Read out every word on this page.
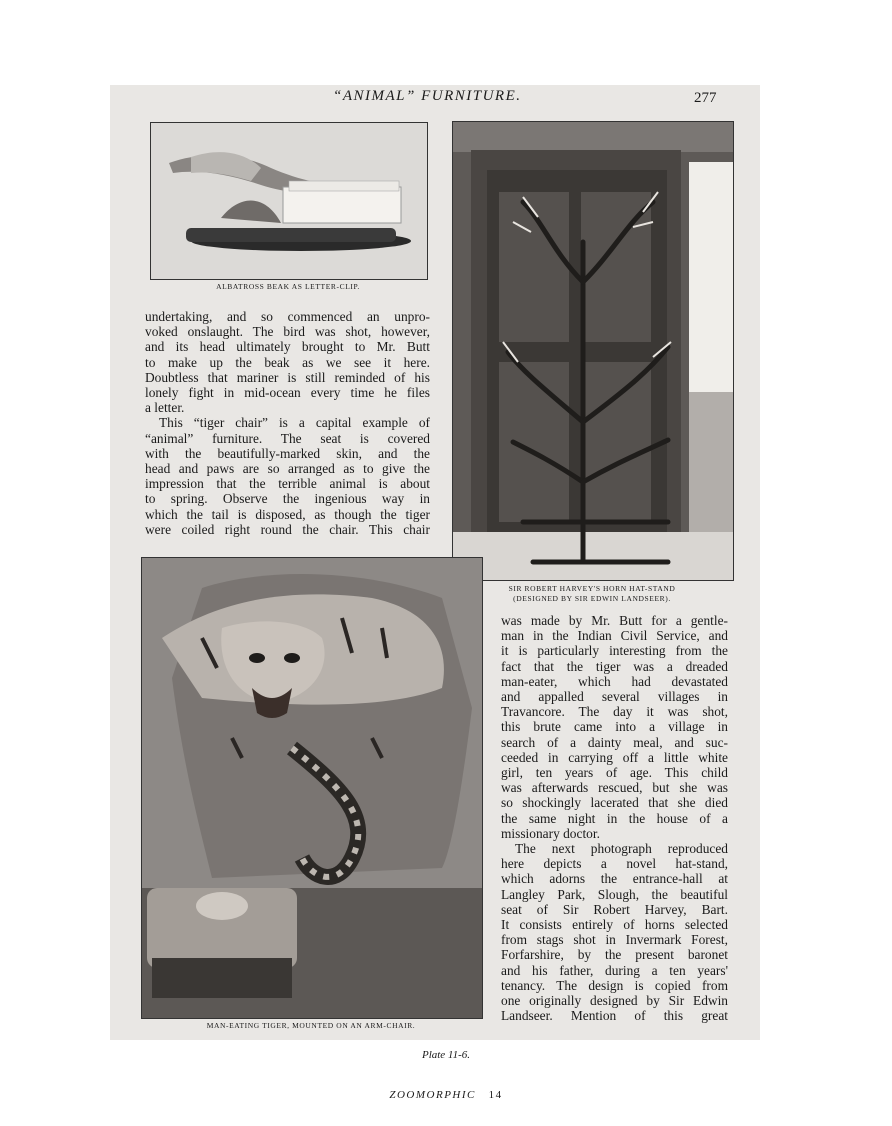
“ANIMAL” FURNITURE.	277
ALBATROSS BEAK AS LETTER-CLIP.
SIR ROBERT HARVEY'S HORN HAT-STAND
(DESIGNED BY SIR EDWIN LANDSEER).
MAN-EATING TIGER, MOUNTED ON AN ARM-CHAIR.
undertaking, and so commenced an unpro-
voked onslaught. The bird was shot, however,
and its head ultimately brought to Mr. Butt
to make up the beak as we see it here.
Doubtless that mariner is still reminded of his
lonely fight in mid-ocean every time he files
a letter.
This “tiger chair” is a capital example of
“animal” furniture. The seat is covered
with the beautifully-marked skin, and the
head and paws are so arranged as to give the
impression that the terrible animal is about
to spring. Observe the ingenious way in
which the tail is disposed, as though the tiger
were coiled right round the chair. This chair
was made by Mr. Butt for a gentle-
man in the Indian Civil Service, and
it is particularly interesting from the
fact that the tiger was a dreaded
man-eater, which had devastated
and appalled several villages in
Travancore. The day it was shot,
this brute came into a village in
search of a dainty meal, and suc-
ceeded in carrying off a little white
girl, ten years of age. This child
was afterwards rescued, but she was
so shockingly lacerated that she died
the same night in the house of a
missionary doctor.
The next photograph reproduced
here depicts a novel hat-stand,
which adorns the entrance-hall at
Langley Park, Slough, the beautiful
seat of Sir Robert Harvey, Bart.
It consists entirely of horns selected
from stags shot in Invermark Forest,
Forfarshire, by the present baronet
and his father, during a ten years'
tenancy. The design is copied from
one originally designed by Sir Edwin
Landseer. Mention of this great
Plate 11-6.
ZOOMORPHIC 14
